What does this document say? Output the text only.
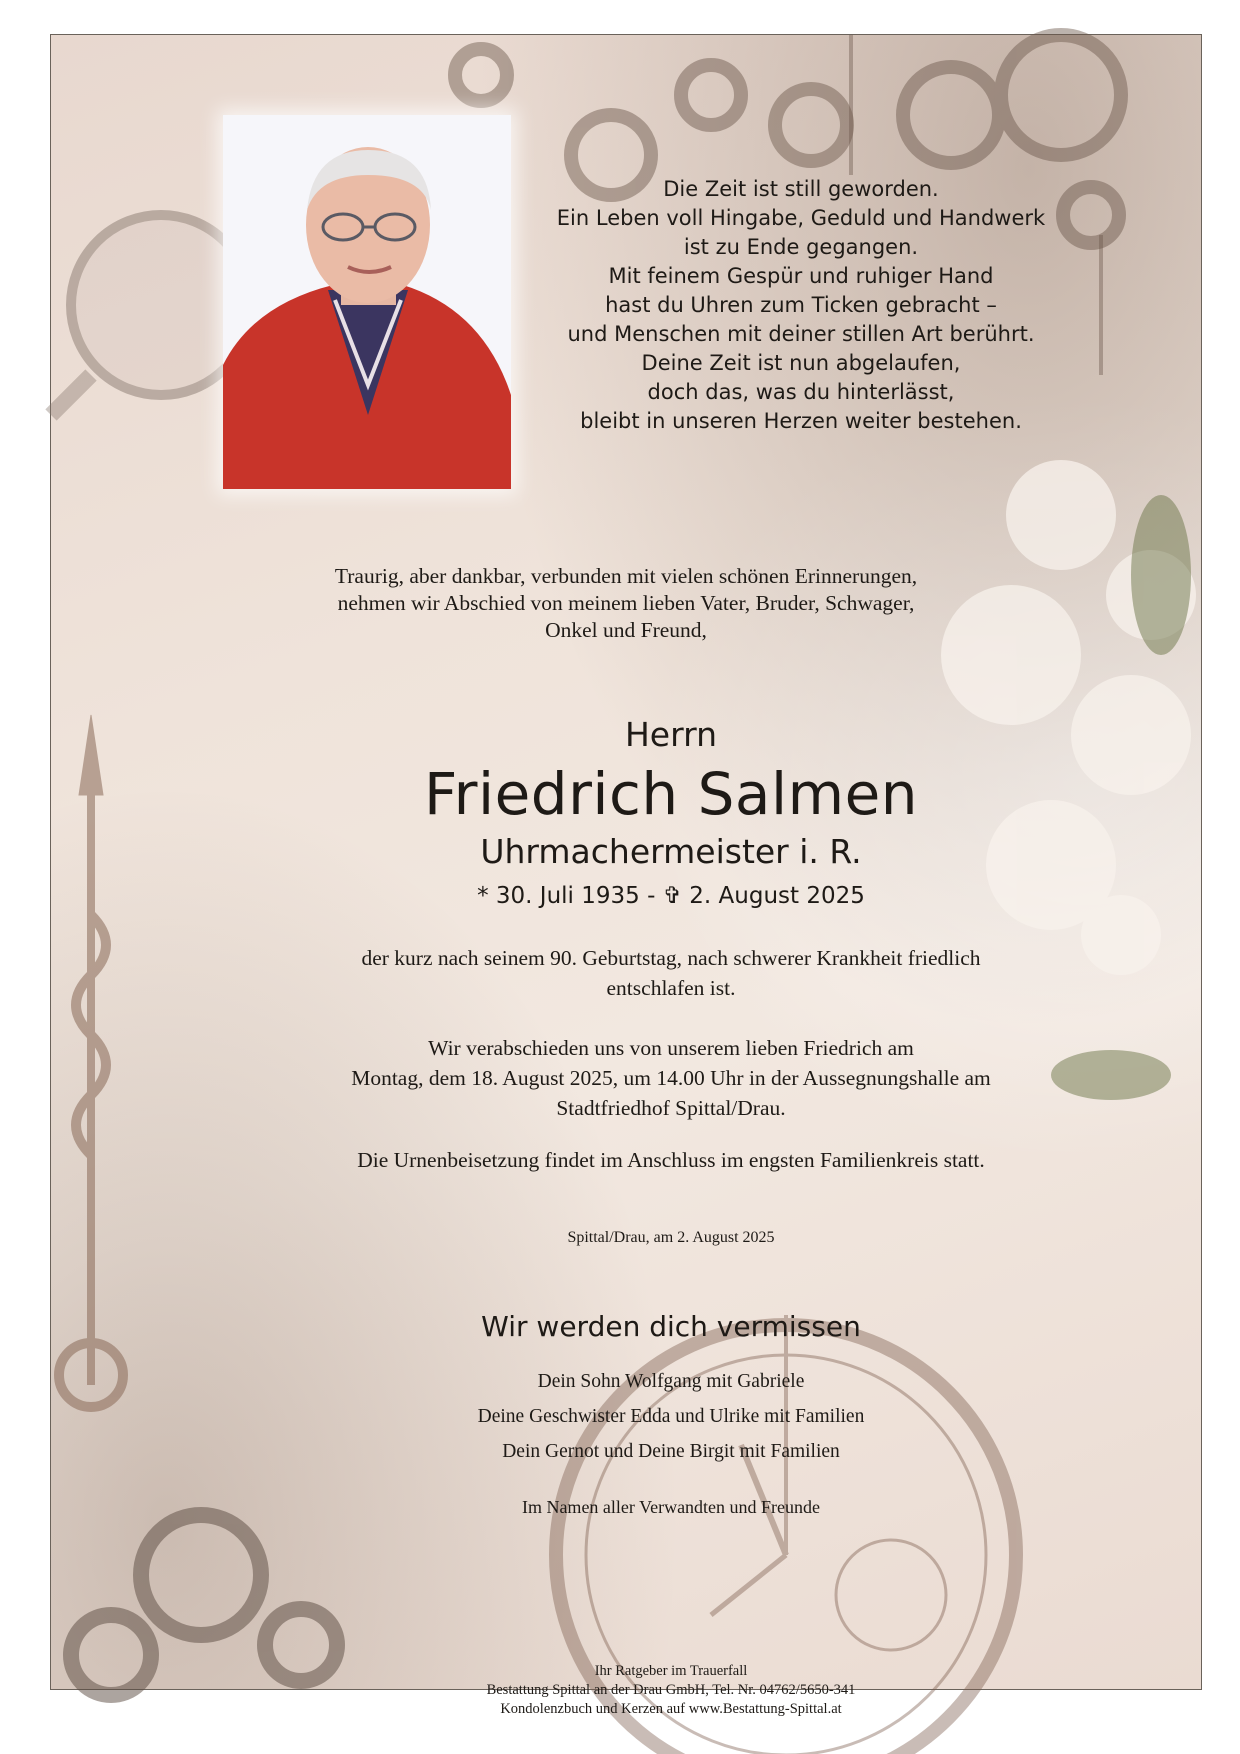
Die Zeit ist still geworden.
Ein Leben voll Hingabe, Geduld und Handwerk
ist zu Ende gegangen.
Mit feinem Gespür und ruhiger Hand
hast du Uhren zum Ticken gebracht –
und Menschen mit deiner stillen Art berührt.
Deine Zeit ist nun abgelaufen,
doch das, was du hinterlässt,
bleibt in unseren Herzen weiter bestehen.
Traurig, aber dankbar, verbunden mit vielen schönen Erinnerungen,
nehmen wir Abschied von meinem lieben Vater, Bruder, Schwager,
Onkel und Freund,
Herrn
Friedrich Salmen
Uhrmachermeister i. R.
* 30. Juli 1935 - ✞ 2. August 2025
der kurz nach seinem 90. Geburtstag, nach schwerer Krankheit friedlich
entschlafen ist.
Wir verabschieden uns von unserem lieben Friedrich am
Montag, dem 18. August 2025, um 14.00 Uhr in der Aussegnungshalle am
Stadtfriedhof Spittal/Drau.
Die Urnenbeisetzung findet im Anschluss im engsten Familienkreis statt.
Spittal/Drau, am 2. August 2025
Wir werden dich vermissen
Dein Sohn Wolfgang mit Gabriele
Deine Geschwister Edda und Ulrike mit Familien
Dein Gernot und Deine Birgit mit Familien
Im Namen aller Verwandten und Freunde
Ihr Ratgeber im Trauerfall
Bestattung Spittal an der Drau GmbH, Tel. Nr. 04762/5650-341
Kondolenzbuch und Kerzen auf www.Bestattung-Spittal.at
